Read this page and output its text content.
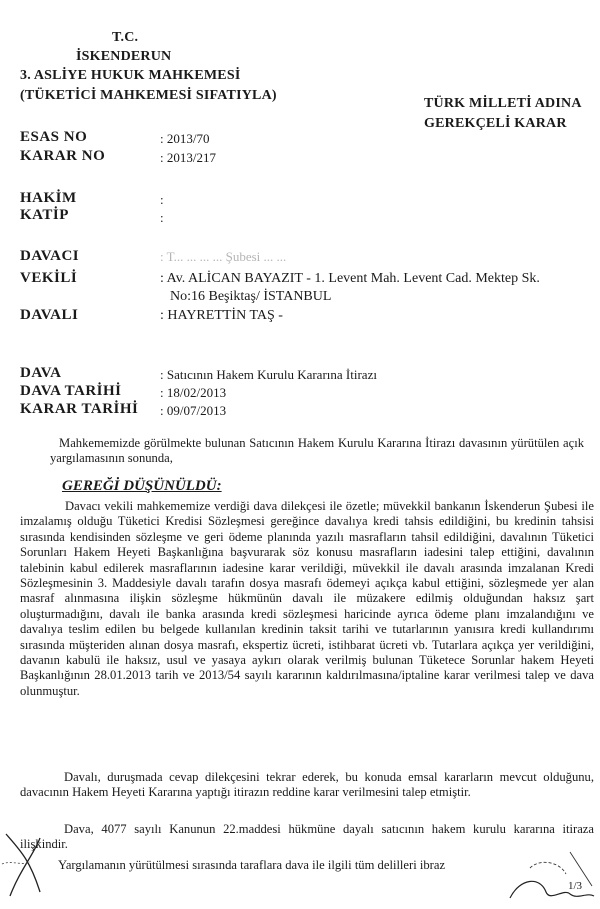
T.C.
İSKENDERUN
3. ASLİYE HUKUK MAHKEMESİ
(TÜKETİCİ MAHKEMESİ SIFATIYLA)
TÜRK MİLLETİ ADINA
GEREKÇELİ KARAR
ESAS NO	: 2013/70
KARAR NO	: 2013/217
HAKİM	:
KATİP	:
DAVACI	: T... ... ... ... Şubesi ... ...
VEKİLİ	: Av. ALİCAN BAYAZIT - 1. Levent Mah. Levent Cad. Mektep Sk.
No:16 Beşiktaş/ İSTANBUL
DAVALI	: HAYRETTİN TAŞ -
DAVA	: Satıcının Hakem Kurulu Kararına İtirazı
DAVA TARİHİ	: 18/02/2013
KARAR TARİHİ : 09/07/2013
Mahkememizde görülmekte bulunan Satıcının Hakem Kurulu Kararına İtirazı davasının yürütülen açık yargılamasının sonunda,
GEREĞİ DÜŞÜNÜLDÜ:
Davacı vekili mahkememize verdiği dava dilekçesi ile özetle; müvekkil bankanın İskenderun Şubesi ile imzalamış olduğu Tüketici Kredisi Sözleşmesi gereğince davalıya kredi tahsis edildiğini, bu kredinin tahsisi sırasında kendisinden sözleşme ve geri ödeme planında yazılı masrafların tahsil edildiğini, davalının Tüketici Sorunları Hakem Heyeti Başkanlığına başvurarak söz konusu masrafların iadesini talep ettiğini, davalının talebinin kabul edilerek masraflarının iadesine karar verildiği, müvekkil ile davalı arasında imzalanan Kredi Sözleşmesinin 3. Maddesiyle davalı tarafın dosya masrafı ödemeyi açıkça kabul ettiğini, sözleşmede yer alan masraf alınmasına ilişkin sözleşme hükmünün davalı ile müzakere edilmiş olduğundan haksız şart oluşturmadığını, davalı ile banka arasında kredi sözleşmesi haricinde ayrıca ödeme planı imzalandığını ve davalıya teslim edilen bu belgede kullanılan kredinin taksit tarihi ve tutarlarının yanısıra kredi kullandırımı sırasında müşteriden alınan dosya masrafı, ekspertiz ücreti, istihbarat ücreti vb. Tutarlara açıkça yer verildiğini, davanın kabulü ile haksız, usul ve yasaya aykırı olarak verilmiş bulunan Tüketece Sorunlar hakem Heyeti Başkanlığının 28.01.2013 tarih ve 2013/54 sayılı kararının kaldırılmasına/iptaline karar verilmesi talep ve dava olunmuştur.
Davalı, duruşmada cevap dilekçesini tekrar ederek, bu konuda emsal kararların mevcut olduğunu, davacının Hakem Heyeti Kararına yaptığı itirazın reddine karar verilmesini talep etmiştir.
Dava, 4077 sayılı Kanunun 22.maddesi hükmüne dayalı satıcının hakem kurulu kararına itiraza ilişkindir.
Yargılamanın yürütülmesi sırasında taraflara dava ile ilgili tüm delilleri ibraz
1/3
